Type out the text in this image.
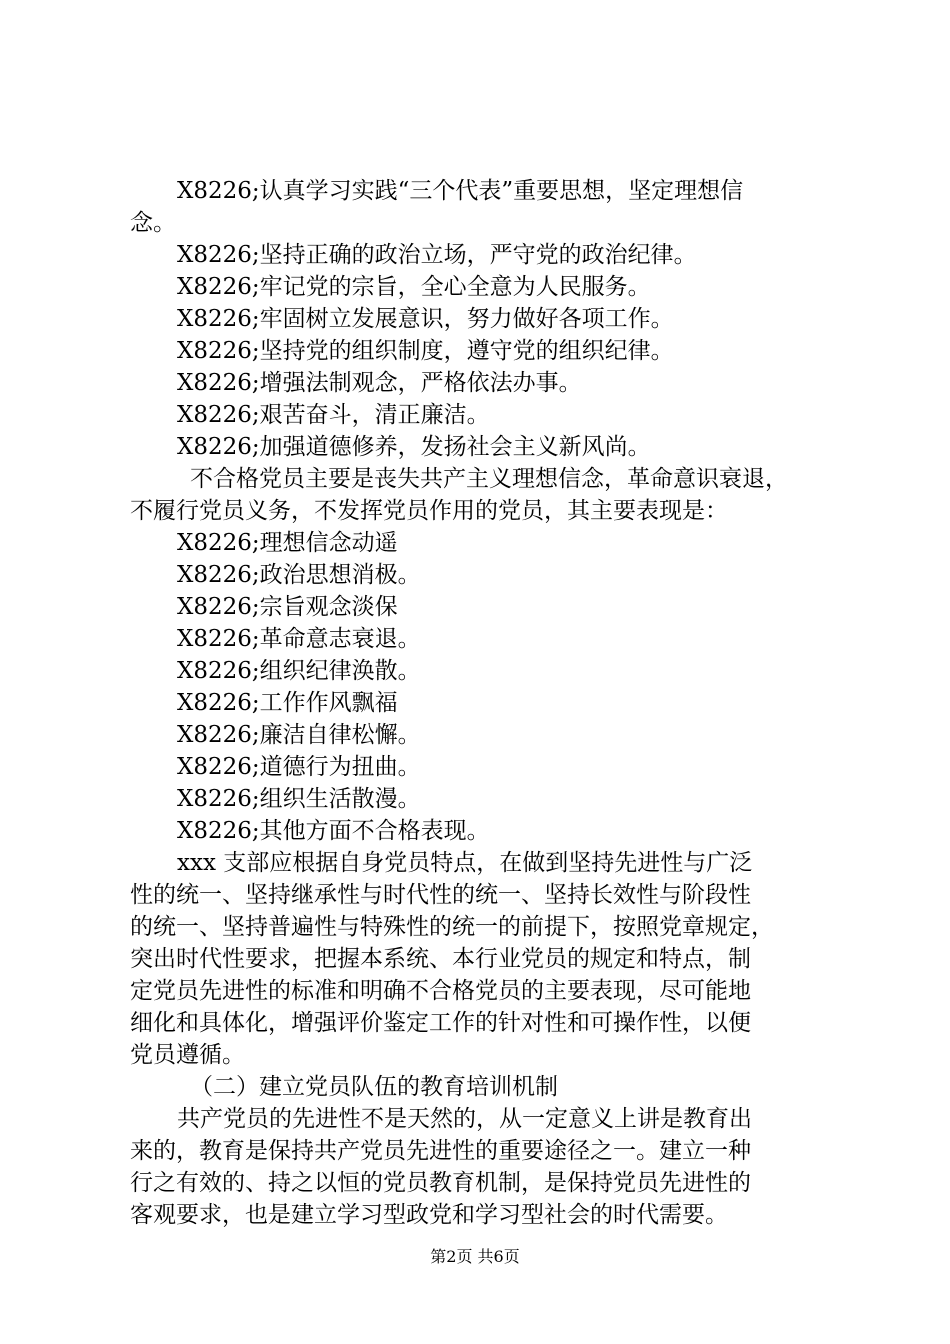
X8226;认真学习实践“三个代表”重要思想，坚定理想信
念。
X8226;坚持正确的政治立场，严守党的政治纪律。
X8226;牢记党的宗旨，全心全意为人民服务。
X8226;牢固树立发展意识，努力做好各项工作。
X8226;坚持党的组织制度，遵守党的组织纪律。
X8226;增强法制观念，严格依法办事。
X8226;艰苦奋斗，清正廉洁。
X8226;加强道德修养，发扬社会主义新风尚。
不合格党员主要是丧失共产主义理想信念，革命意识衰退，
不履行党员义务，不发挥党员作用的党员，其主要表现是：
X8226;理想信念动遥
X8226;政治思想消极。
X8226;宗旨观念淡保
X8226;革命意志衰退。
X8226;组织纪律涣散。
X8226;工作作风飘福
X8226;廉洁自律松懈。
X8226;道德行为扭曲。
X8226;组织生活散漫。
X8226;其他方面不合格表现。
xxx 支部应根据自身党员特点，在做到坚持先进性与广泛
性的统一、坚持继承性与时代性的统一、坚持长效性与阶段性
的统一、坚持普遍性与特殊性的统一的前提下，按照党章规定，
突出时代性要求，把握本系统、本行业党员的规定和特点，制
定党员先进性的标准和明确不合格党员的主要表现，尽可能地
细化和具体化，增强评价鉴定工作的针对性和可操作性，以便
党员遵循。
（二）建立党员队伍的教育培训机制
共产党员的先进性不是天然的，从一定意义上讲是教育出
来的，教育是保持共产党员先进性的重要途径之一。建立一种
行之有效的、持之以恒的党员教育机制，是保持党员先进性的
客观要求，也是建立学习型政党和学习型社会的时代需要。
第2页 共6页
